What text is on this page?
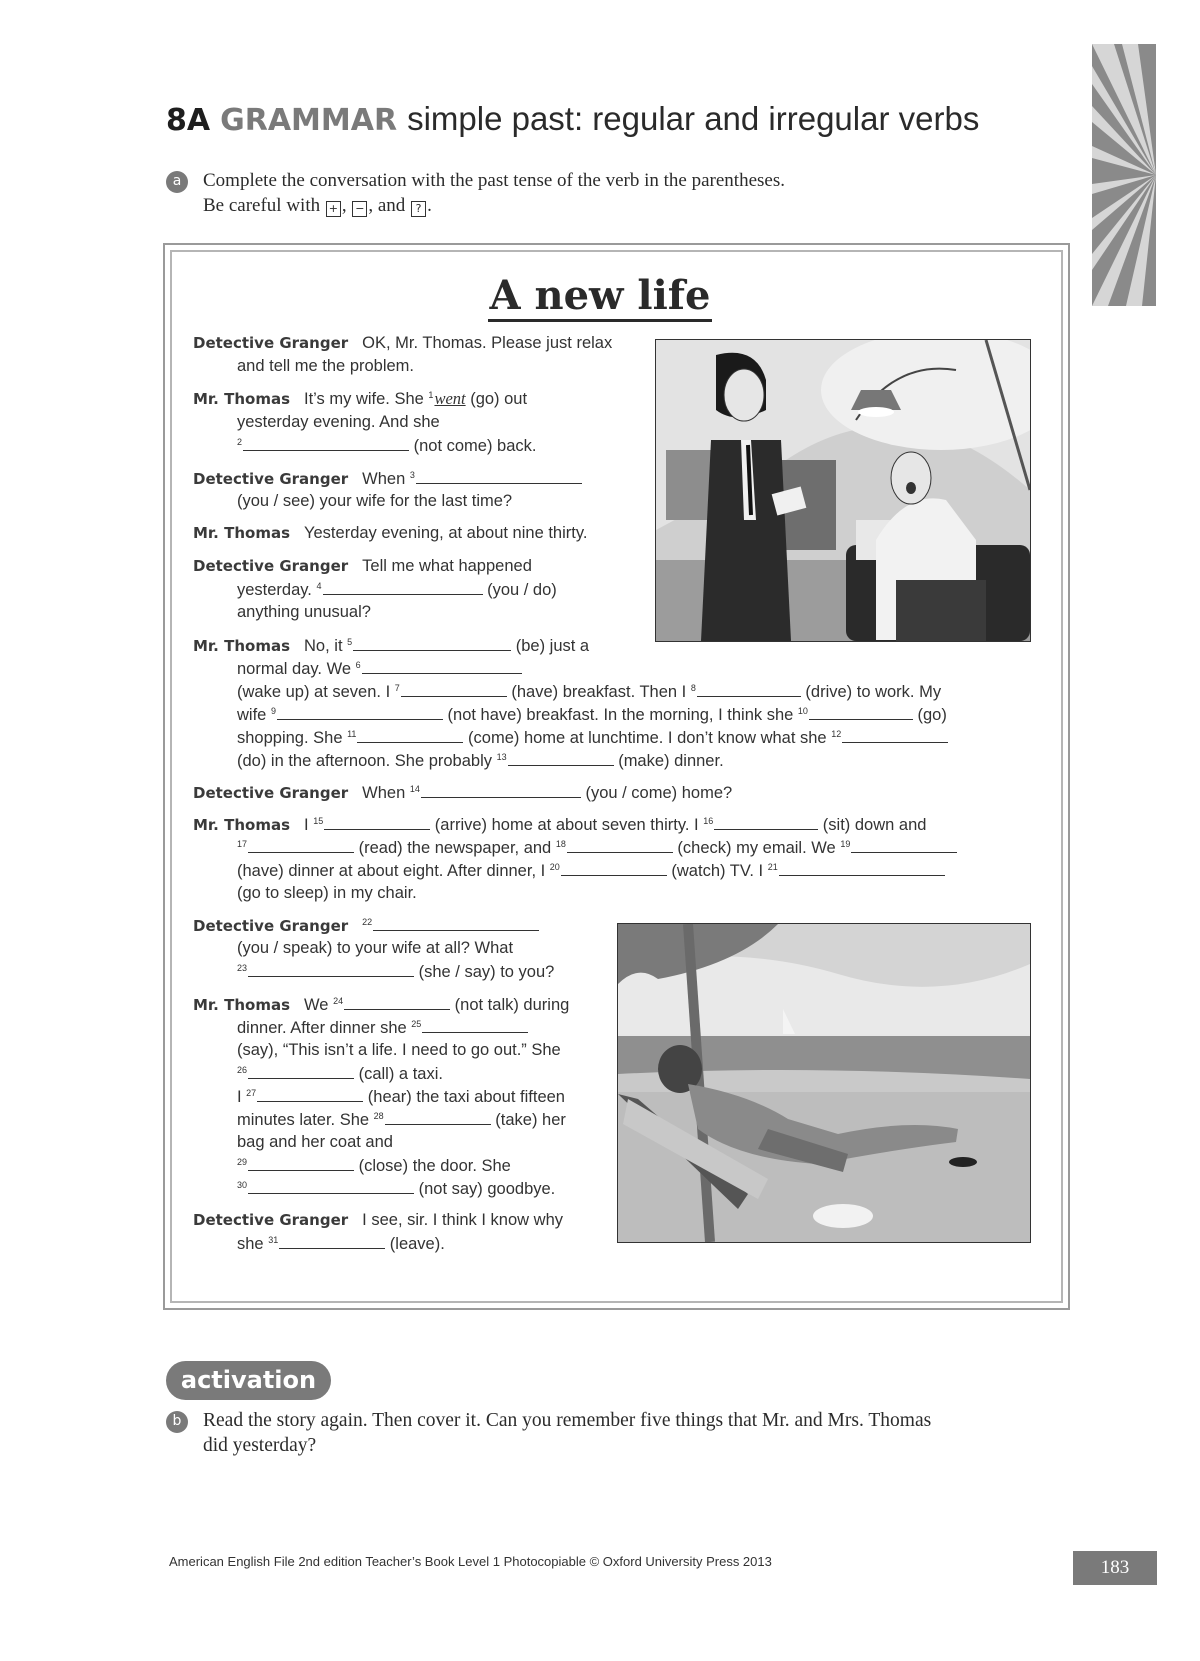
8A GRAMMAR simple past: regular and irregular verbs
a	Complete the conversation with the past tense of the verb in the parentheses.
Be careful with + , − , and ? .
A new life
Detective Granger OK, Mr. Thomas. Please just relax
and tell me the problem.
Mr. Thomas It’s my wife. She $^1$went (go) out
yesterday evening. And she
$^2$	(not come) back.
Detective Granger When $^3$
(you / see) your wife for the last time?
Mr. Thomas Yesterday evening, at about nine thirty.
Detective Granger Tell me what happened
yesterday. $^4$	(you / do)
anything unusual?
Mr. Thomas No, it $^5$	(be) just a
normal day. We $^6$
(wake up) at seven. I $^7$	(have) breakfast. Then I $^8$	(drive) to work. My
wife $^9$	(not have) breakfast. In the morning, I think she $^{10}$	(go)
shopping. She $^{11}$	(come) home at lunchtime. I don’t know what she $^{12}$
(do) in the afternoon. She probably $^{13}$	(make) dinner.
Detective Granger When $^{14}$	(you / come) home?
Mr. Thomas I $^{15}$	(arrive) home at about seven thirty. I $^{16}$	(sit) down and
$^{17}$	(read) the newspaper, and $^{18}$	(check) my email. We $^{19}$
(have) dinner at about eight. After dinner, I $^{20}$	(watch) TV. I $^{21}$
(go to sleep) in my chair.
Detective Granger $^{22}$
(you / speak) to your wife at all? What
$^{23}$	(she / say) to you?
Mr. Thomas We $^{24}$	(not talk) during
dinner. After dinner she $^{25}$
(say), “This isn’t a life. I need to go out.” She
$^{26}$	(call) a taxi.
I $^{27}$	(hear) the taxi about fifteen
minutes later. She $^{28}$	(take) her
bag and her coat and
$^{29}$	(close) the door. She
$^{30}$	(not say) goodbye.
Detective Granger I see, sir. I think I know why
she $^{31}$	(leave).
activation
b	Read the story again. Then cover it. Can you remember five things that Mr. and Mrs. Thomas
did yesterday?
American English File 2nd edition Teacher’s Book Level 1 Photocopiable © Oxford University Press 2013	183
